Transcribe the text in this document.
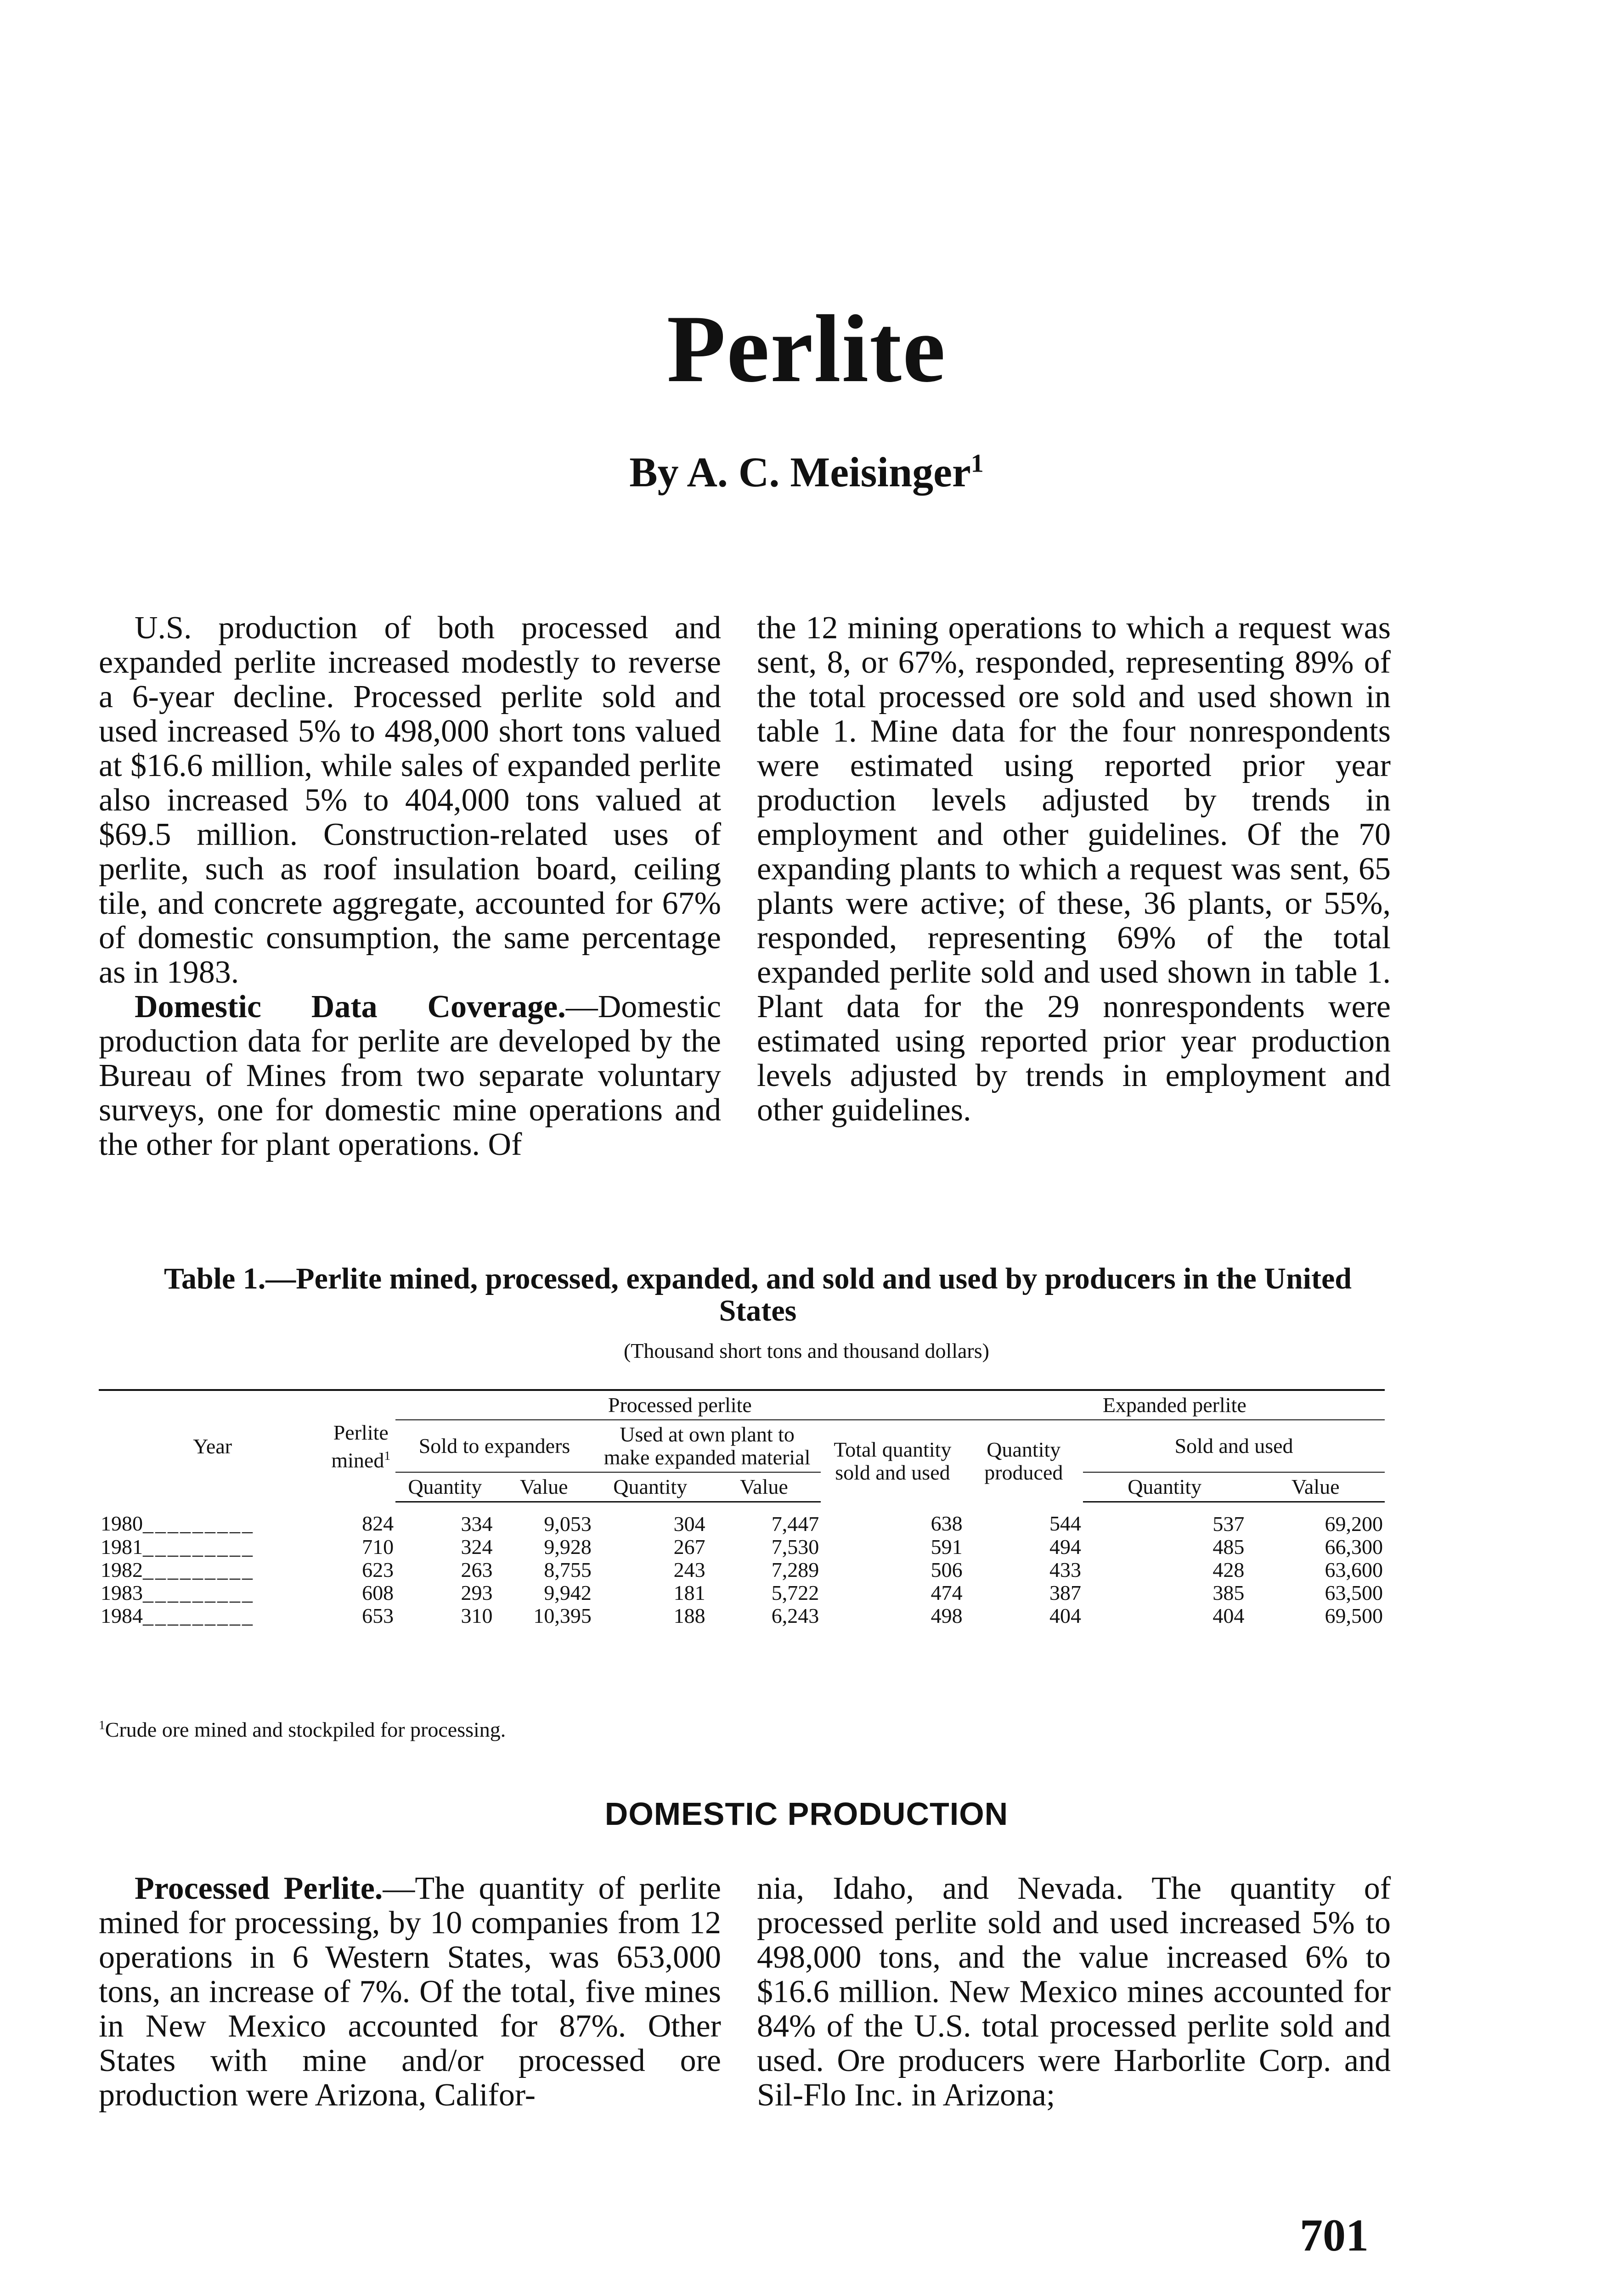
Perlite
By A. C. Meisinger$^1$

U.S. production of both processed and expanded perlite increased modestly to reverse a 6-year decline. Processed perlite sold and used increased 5% to 498,000 short tons valued at $16.6 million, while sales of expanded perlite also increased 5% to 404,000 tons valued at $69.5 million. Construction-related uses of perlite, such as roof insulation board, ceiling tile, and concrete aggregate, accounted for 67% of domestic consumption, the same percentage as in 1983.

Domestic Data Coverage.—Domestic production data for perlite are developed by the Bureau of Mines from two separate voluntary surveys, one for domestic mine operations and the other for plant operations. Of

the 12 mining operations to which a request was sent, 8, or 67%, responded, representing 89% of the total processed ore sold and used shown in table 1. Mine data for the four nonrespondents were estimated using reported prior year production levels adjusted by trends in employment and other guidelines. Of the 70 expanding plants to which a request was sent, 65 plants were active; of these, 36 plants, or 55%, responded, representing 69% of the total expanded perlite sold and used shown in table 1. Plant data for the 29 nonrespondents were estimated using reported prior year production levels adjusted by trends in employment and other guidelines.

Table 1.—Perlite mined, processed, expanded, and sold and used by producers in the United States
(Thousand short tons and thousand dollars)
Year	Perlite mined$^1$	Processed perlite					Expanded perlite		
		Sold to expanders		Used at own plant to make expanded material		Total quantity sold and used	Quantity produced	Sold and used	
		Quantity	Value	Quantity	Value			Quantity	Value
1980_________	824	334	9,053	304	7,447	638	544	537	69,200
1981_________	710	324	9,928	267	7,530	591	494	485	66,300
1982_________	623	263	8,755	243	7,289	506	433	428	63,600
1983_________	608	293	9,942	181	5,722	474	387	385	63,500
1984_________	653	310	10,395	188	6,243	498	404	404	69,500
$^1$Crude ore mined and stockpiled for processing.
DOMESTIC PRODUCTION

Processed Perlite.—The quantity of perlite mined for processing, by 10 companies from 12 operations in 6 Western States, was 653,000 tons, an increase of 7%. Of the total, five mines in New Mexico accounted for 87%. Other States with mine and/or processed ore production were Arizona, Califor-

nia, Idaho, and Nevada. The quantity of processed perlite sold and used increased 5% to 498,000 tons, and the value increased 6% to $16.6 million. New Mexico mines accounted for 84% of the U.S. total processed perlite sold and used. Ore producers were Harborlite Corp. and Sil-Flo Inc. in Arizona;

701
